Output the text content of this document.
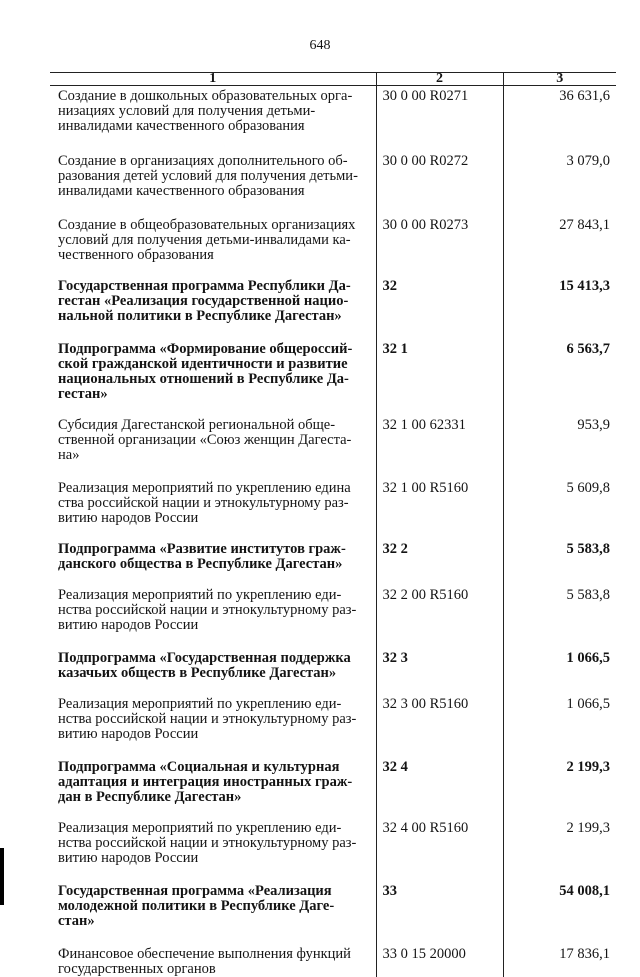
648
1	2	3
Создание в дошкольных образовательных орга-
низациях условий для получения детьми-
инвалидами качественного образования	30 0 00 R0271	36 631,6
Создание в организациях дополнительного об-
разования детей условий для получения детьми-
инвалидами качественного образования	30 0 00 R0272	3 079,0
Создание в общеобразовательных организациях
условий для получения детьми-инвалидами ка-
чественного образования	30 0 00 R0273	27 843,1
Государственная программа Республики Да-
гестан «Реализация государственной нацио-
нальной политики в Республике Дагестан»	32	15 413,3
Подпрограмма «Формирование общероссий-
ской гражданской идентичности и развитие
национальных отношений в Республике Да-
гестан»	32 1	6 563,7
Субсидия Дагестанской региональной обще-
ственной организации «Союз женщин Дагеста-
на»	32 1 00 62331	953,9
Реализация мероприятий по укреплению едина
ства российской нации и этнокультурному раз-
витию народов России	32 1 00 R5160	5 609,8
Подпрограмма «Развитие институтов граж-
данского общества в Республике Дагестан»	32 2	5 583,8
Реализация мероприятий по укреплению еди-
нства российской нации и этнокультурному раз-
витию народов России	32 2 00 R5160	5 583,8
Подпрограмма «Государственная поддержка
казачьих обществ в Республике Дагестан»	32 3	1 066,5
Реализация мероприятий по укреплению еди-
нства российской нации и этнокультурному раз-
витию народов России	32 3 00 R5160	1 066,5
Подпрограмма «Социальная и культурная
адаптация и интеграция иностранных граж-
дан в Республике Дагестан»	32 4	2 199,3
Реализация мероприятий по укреплению еди-
нства российской нации и этнокультурному раз-
витию народов России	32 4 00 R5160	2 199,3
Государственная программа «Реализация
молодежной политики в Республике Даге-
стан»	33	54 008,1
Финансовое обеспечение выполнения функций
государственных органов	33 0 15 20000	17 836,1
